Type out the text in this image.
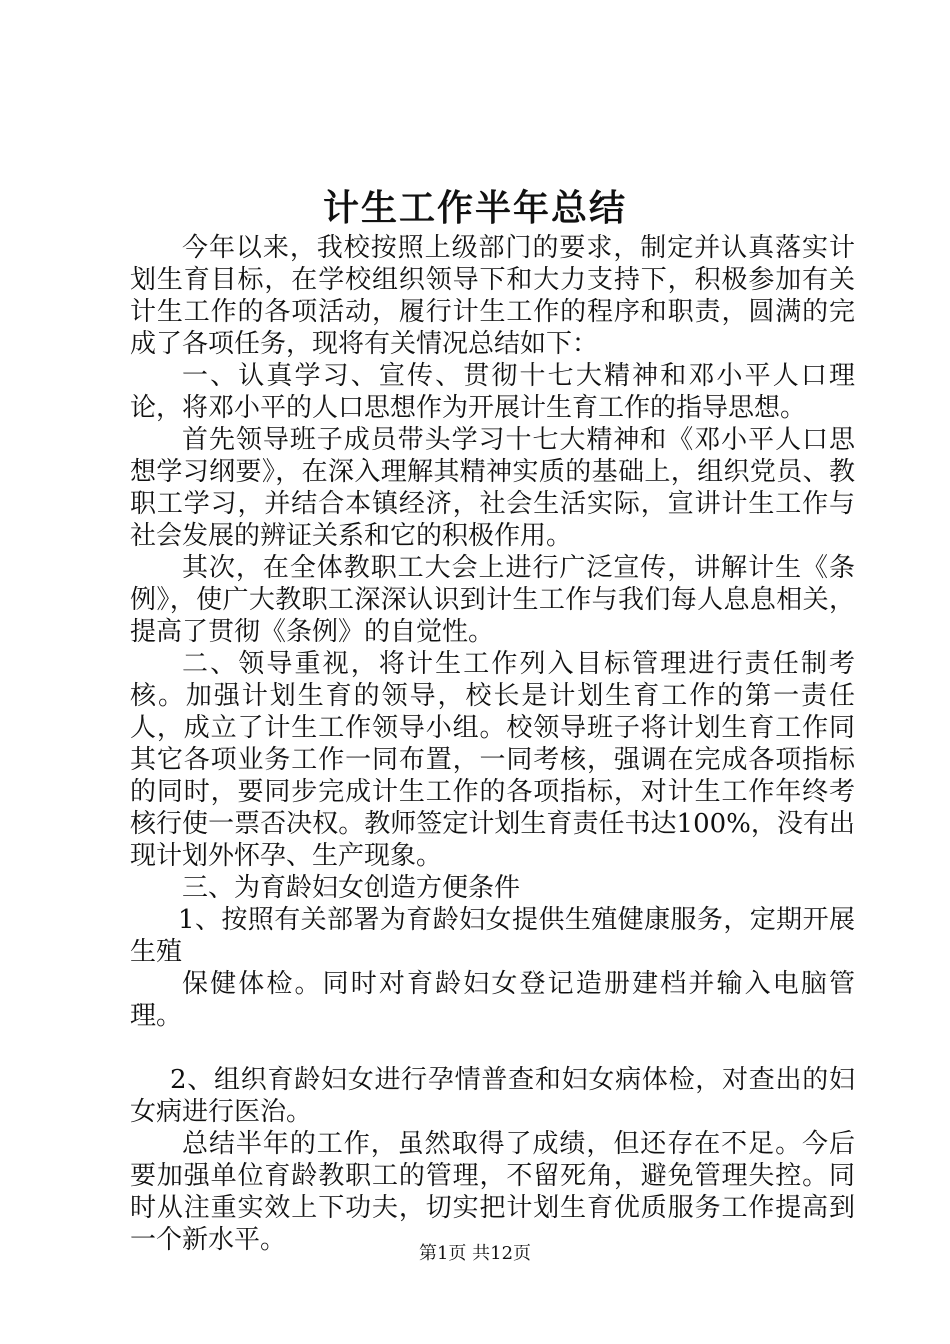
计生工作半年总结

今年以来，我校按照上级部门的要求，制定并认真落实计划生育目标，在学校组织领导下和大力支持下，积极参加有关计生工作的各项活动，履行计生工作的程序和职责，圆满的完成了各项任务，现将有关情况总结如下：

一、认真学习、宣传、贯彻十七大精神和邓小平人口理论，将邓小平的人口思想作为开展计生育工作的指导思想。

首先领导班子成员带头学习十七大精神和《邓小平人口思想学习纲要》，在深入理解其精神实质的基础上，组织党员、教职工学习，并结合本镇经济，社会生活实际，宣讲计生工作与社会发展的辨证关系和它的积极作用。

其次，在全体教职工大会上进行广泛宣传，讲解计生《条例》，使广大教职工深深认识到计生工作与我们每人息息相关，提高了贯彻《条例》的自觉性。

二、领导重视，将计生工作列入目标管理进行责任制考核。加强计划生育的领导，校长是计划生育工作的第一责任人，成立了计生工作领导小组。校领导班子将计划生育工作同其它各项业务工作一同布置，一同考核，强调在完成各项指标的同时，要同步完成计生工作的各项指标，对计生工作年终考核行使一票否决权。教师签定计划生育责任书达100%，没有出现计划外怀孕、生产现象。

三、为育龄妇女创造方便条件

1、按照有关部署为育龄妇女提供生殖健康服务，定期开展生殖

保健体检。同时对育龄妇女登记造册建档并输入电脑管理。

2、组织育龄妇女进行孕情普查和妇女病体检，对查出的妇女病进行医治。

总结半年的工作，虽然取得了成绩，但还存在不足。今后要加强单位育龄教职工的管理，不留死角，避免管理失控。同时从注重实效上下功夫，切实把计划生育优质服务工作提高到一个新水平。	第1页 共12页
